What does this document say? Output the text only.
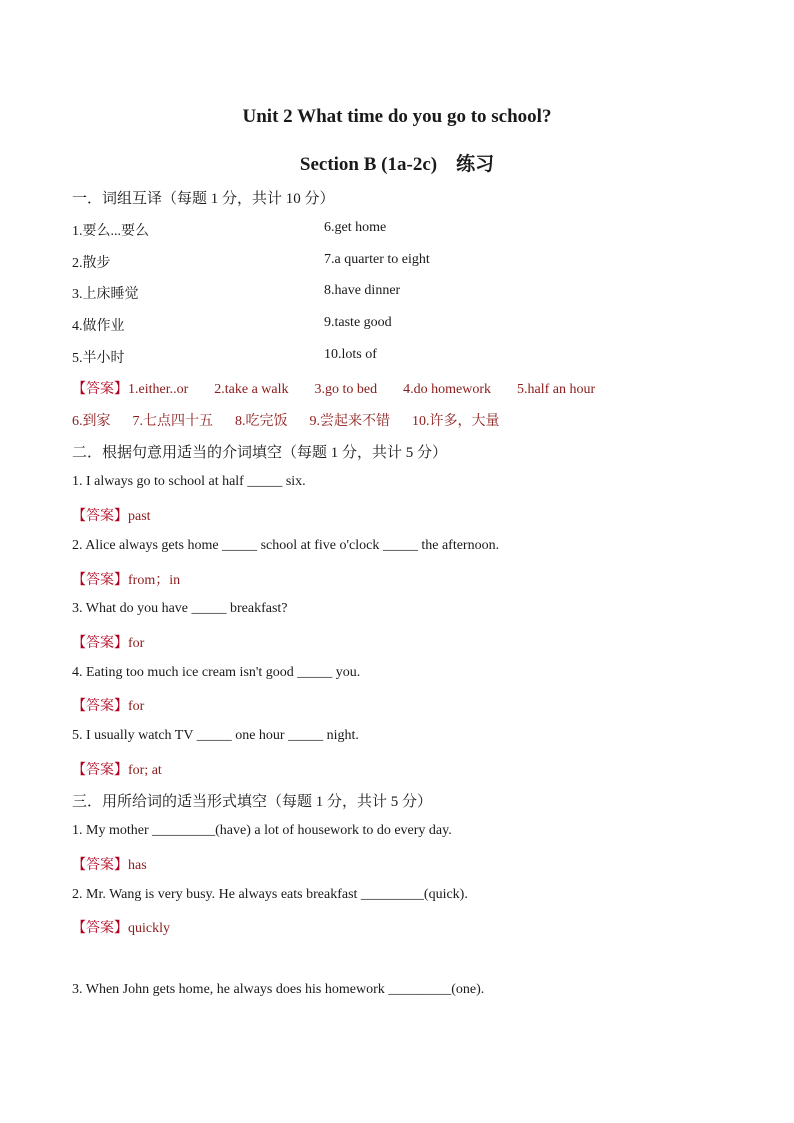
Unit 2 What time do you go to school?
Section B (1a-2c)　练习
一．词组互译（每题 1 分，共计 10 分）
1.要么...要么	6.get home
2.散步	7.a quarter to eight
3.上床睡觉	8.have dinner
4.做作业	9.taste good
5.半小时	10.lots of
【答案】1.either..or 2.take a walk 3.go to bed 4.do homework 5.half an hour
6.到家 7.七点四十五 8.吃完饭 9.尝起来不错 10.许多，大量
二．根据句意用适当的介词填空（每题 1 分，共计 5 分）
1. I always go to school at half _____ six.
【答案】past
2. Alice always gets home _____ school at five o'clock _____ the afternoon.
【答案】from；in
3. What do you have _____ breakfast?
【答案】for
4. Eating too much ice cream isn't good _____ you.
【答案】for
5. I usually watch TV _____ one hour _____ night.
【答案】for; at
三．用所给词的适当形式填空（每题 1 分，共计 5 分）
1. My mother _________(have) a lot of housework to do every day.
【答案】has
2. Mr. Wang is very busy. He always eats breakfast _________(quick).
【答案】quickly
3. When John gets home, he always does his homework _________(one).
